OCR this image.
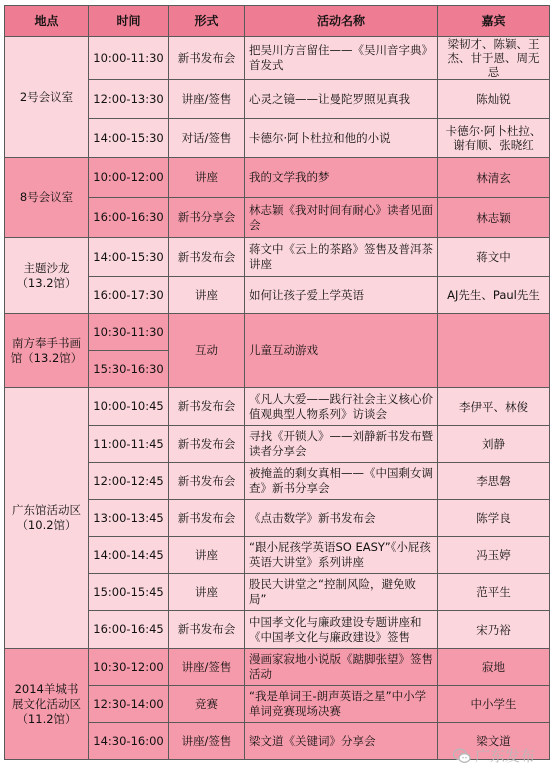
地点	时间	形式	活动名称	嘉宾
2号会议室	10:00-11:30	新书发布会	把吴川方言留住——《吴川音字典》首发式	梁韧才、陈颖、王杰、甘于恩、周无忌
	12:00-13:30	讲座/签售	心灵之镜——让曼陀罗照见真我	陈灿锐
	14:00-15:30	对话/签售	卡德尔·阿卜杜拉和他的小说	卡德尔·阿卜杜拉、谢有顺、张晓红
8号会议室	10:00-12:00	讲座	我的文学我的梦	林清玄
	16:00-16:30	新书分享会	林志颖《我对时间有耐心》读者见面会	林志颖
主题沙龙（13.2馆）	14:00-15:30	新书发布会	蒋文中《云上的茶路》签售及普洱茶讲座	蒋文中
	16:00-17:30	讲座	如何让孩子爱上学英语	AJ先生、Paul先生
南方奉手书画馆（13.2馆）	10:30-11:30	互动	儿童互动游戏	
	15:30-16:30			
广东馆活动区（10.2馆）	10:00-10:45	新书发布会	《凡人大爱——践行社会主义核心价值观典型人物系列》访谈会	李伊平、林俊
	11:00-11:45	新书发布会	寻找《开锁人》——刘静新书发布暨读者分享会	刘静
	12:00-12:45	新书发布会	被掩盖的剩女真相——《中国剩女调查》新书分享会	李思磐
	13:00-13:45	新书发布会	《点击数学》新书发布会	陈学良
	14:00-14:45	讲座	“跟小屁孩学英语SO EASY”《小屁孩英语大讲堂》系列讲座	冯玉婷
	15:00-15:45	讲座	股民大讲堂之“控制风险，避免败局”	范平生
	16:00-16:45	新书发布会	中国孝文化与廉政建设专题讲座和《中国孝文化与廉政建设》签售	宋乃裕
2014羊城书展文化活动区（11.2馆）	10:30-12:00	讲座/签售	漫画家寂地小说版《踮脚张望》签售活动	寂地
	12:30-14:00	竞赛	“我是单词王-朗声英语之星”中小学单词竞赛现场决赛	中小学生
	14:30-16:00	讲座/签售	梁文道《关键词》分享会	梁文道
广东发布
